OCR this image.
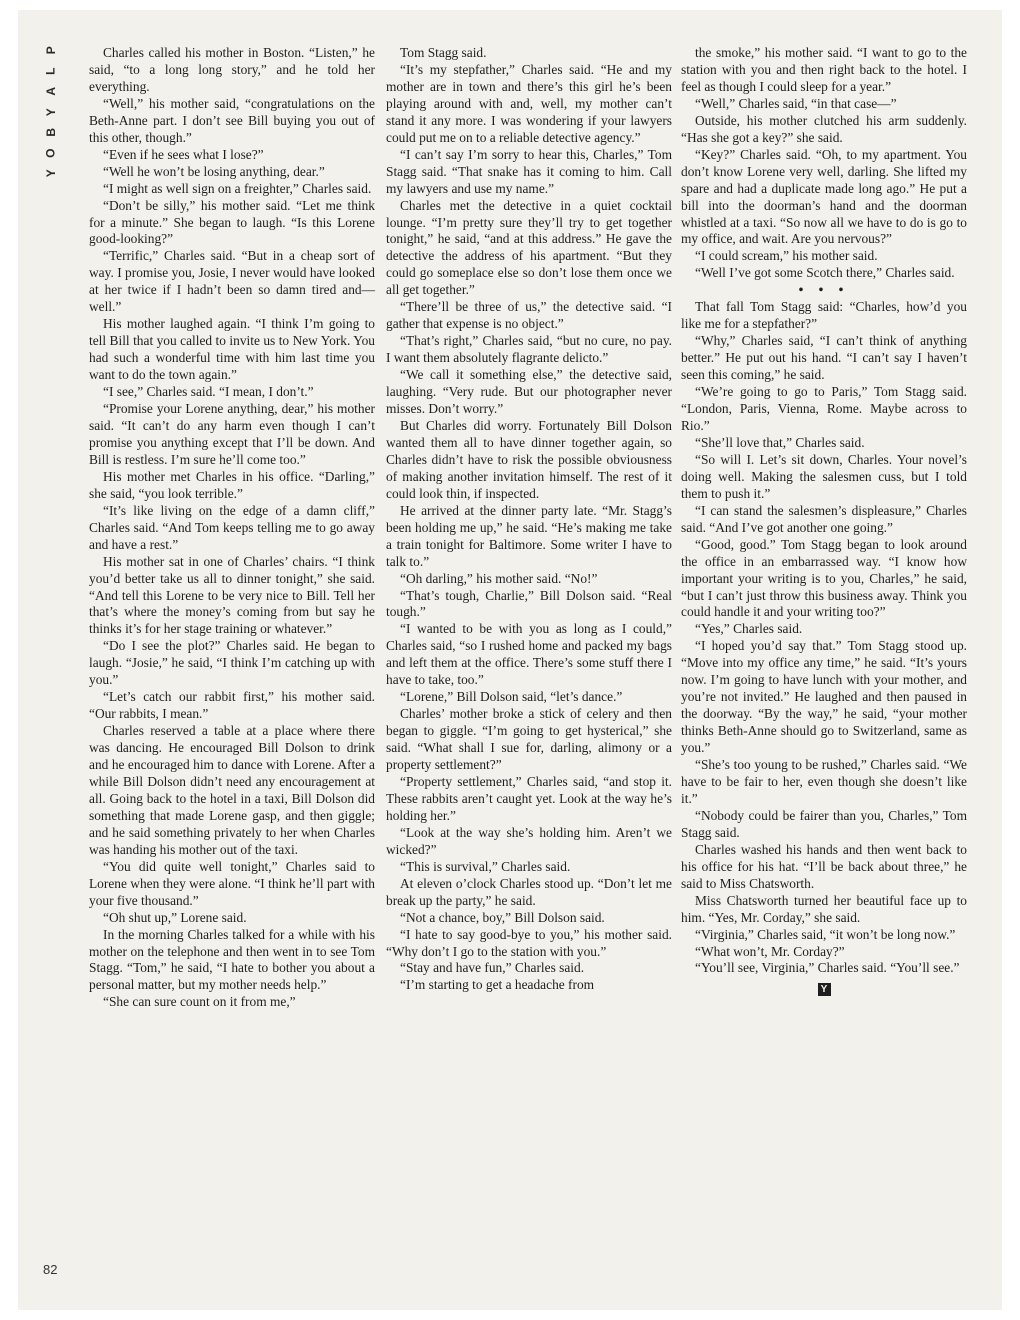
P
L
A
Y
B
O
Y
82

Charles called his mother in Boston. “Listen,” he said, “to a long long story,” and he told her everything.

“Well,” his mother said, “congratulations on the Beth-Anne part. I don’t see Bill buying you out of this other, though.”

“Even if he sees what I lose?”

“Well he won’t be losing anything, dear.”

“I might as well sign on a freighter,” Charles said.

“Don’t be silly,” his mother said. “Let me think for a minute.” She began to laugh. “Is this Lorene good-looking?”

“Terrific,” Charles said. “But in a cheap sort of way. I promise you, Josie, I never would have looked at her twice if I hadn’t been so damn tired and—well.”

His mother laughed again. “I think I’m going to tell Bill that you called to invite us to New York. You had such a wonderful time with him last time you want to do the town again.”

“I see,” Charles said. “I mean, I don’t.”

“Promise your Lorene anything, dear,” his mother said. “It can’t do any harm even though I can’t promise you anything except that I’ll be down. And Bill is restless. I’m sure he’ll come too.”

His mother met Charles in his office. “Darling,” she said, “you look terrible.”

“It’s like living on the edge of a damn cliff,” Charles said. “And Tom keeps telling me to go away and have a rest.”

His mother sat in one of Charles’ chairs. “I think you’d better take us all to dinner tonight,” she said. “And tell this Lorene to be very nice to Bill. Tell her that’s where the money’s coming from but say he thinks it’s for her stage training or whatever.”

“Do I see the plot?” Charles said. He began to laugh. “Josie,” he said, “I think I’m catching up with you.”

“Let’s catch our rabbit first,” his mother said. “Our rabbits, I mean.”

Charles reserved a table at a place where there was dancing. He encouraged Bill Dolson to drink and he encouraged him to dance with Lorene. After a while Bill Dolson didn’t need any encouragement at all. Going back to the hotel in a taxi, Bill Dolson did something that made Lorene gasp, and then giggle; and he said something privately to her when Charles was handing his mother out of the taxi.

“You did quite well tonight,” Charles said to Lorene when they were alone. “I think he’ll part with your five thousand.”

“Oh shut up,” Lorene said.

In the morning Charles talked for a while with his mother on the telephone and then went in to see Tom Stagg. “Tom,” he said, “I hate to bother you about a personal matter, but my mother needs help.”

“She can sure count on it from me,”

Tom Stagg said.

“It’s my stepfather,” Charles said. “He and my mother are in town and there’s this girl he’s been playing around with and, well, my mother can’t stand it any more. I was wondering if your lawyers could put me on to a reliable detective agency.”

“I can’t say I’m sorry to hear this, Charles,” Tom Stagg said. “That snake has it coming to him. Call my lawyers and use my name.”

Charles met the detective in a quiet cocktail lounge. “I’m pretty sure they’ll try to get together tonight,” he said, “and at this address.” He gave the detective the address of his apartment. “But they could go someplace else so don’t lose them once we all get together.”

“There’ll be three of us,” the detective said. “I gather that expense is no object.”

“That’s right,” Charles said, “but no cure, no pay. I want them absolutely flagrante delicto.”

“We call it something else,” the detective said, laughing. “Very rude. But our photographer never misses. Don’t worry.”

But Charles did worry. Fortunately Bill Dolson wanted them all to have dinner together again, so Charles didn’t have to risk the possible obviousness of making another invitation himself. The rest of it could look thin, if inspected.

He arrived at the dinner party late. “Mr. Stagg’s been holding me up,” he said. “He’s making me take a train tonight for Baltimore. Some writer I have to talk to.”

“Oh darling,” his mother said. “No!”

“That’s tough, Charlie,” Bill Dolson said. “Real tough.”

“I wanted to be with you as long as I could,” Charles said, “so I rushed home and packed my bags and left them at the office. There’s some stuff there I have to take, too.”

“Lorene,” Bill Dolson said, “let’s dance.”

Charles’ mother broke a stick of celery and then began to giggle. “I’m going to get hysterical,” she said. “What shall I sue for, darling, alimony or a property settlement?”

“Property settlement,” Charles said, “and stop it. These rabbits aren’t caught yet. Look at the way he’s holding her.”

“Look at the way she’s holding him. Aren’t we wicked?”

“This is survival,” Charles said.

At eleven o’clock Charles stood up. “Don’t let me break up the party,” he said.

“Not a chance, boy,” Bill Dolson said.

“I hate to say good-bye to you,” his mother said. “Why don’t I go to the station with you.”

“Stay and have fun,” Charles said.

“I’m starting to get a headache from

the smoke,” his mother said. “I want to go to the station with you and then right back to the hotel. I feel as though I could sleep for a year.”

“Well,” Charles said, “in that case—”

Outside, his mother clutched his arm suddenly. “Has she got a key?” she said.

“Key?” Charles said. “Oh, to my apartment. You don’t know Lorene very well, darling. She lifted my spare and had a duplicate made long ago.” He put a bill into the doorman’s hand and the doorman whistled at a taxi. “So now all we have to do is go to my office, and wait. Are you nervous?”

“I could scream,” his mother said.

“Well I’ve got some Scotch there,” Charles said.

• • •

That fall Tom Stagg said: “Charles, how’d you like me for a stepfather?”

“Why,” Charles said, “I can’t think of anything better.” He put out his hand. “I can’t say I haven’t seen this coming,” he said.

“We’re going to go to Paris,” Tom Stagg said. “London, Paris, Vienna, Rome. Maybe across to Rio.”

“She’ll love that,” Charles said.

“So will I. Let’s sit down, Charles. Your novel’s doing well. Making the salesmen cuss, but I told them to push it.”

“I can stand the salesmen’s displeasure,” Charles said. “And I’ve got another one going.”

“Good, good.” Tom Stagg began to look around the office in an embarrassed way. “I know how important your writing is to you, Charles,” he said, “but I can’t just throw this business away. Think you could handle it and your writing too?”

“Yes,” Charles said.

“I hoped you’d say that.” Tom Stagg stood up. “Move into my office any time,” he said. “It’s yours now. I’m going to have lunch with your mother, and you’re not invited.” He laughed and then paused in the doorway. “By the way,” he said, “your mother thinks Beth-Anne should go to Switzerland, same as you.”

“She’s too young to be rushed,” Charles said. “We have to be fair to her, even though she doesn’t like it.”

“Nobody could be fairer than you, Charles,” Tom Stagg said.

Charles washed his hands and then went back to his office for his hat. “I’ll be back about three,” he said to Miss Chatsworth.

Miss Chatsworth turned her beautiful face up to him. “Yes, Mr. Corday,” she said.

“Virginia,” Charles said, “it won’t be long now.”

“What won’t, Mr. Corday?”

“You’ll see, Virginia,” Charles said. “You’ll see.”

Y
